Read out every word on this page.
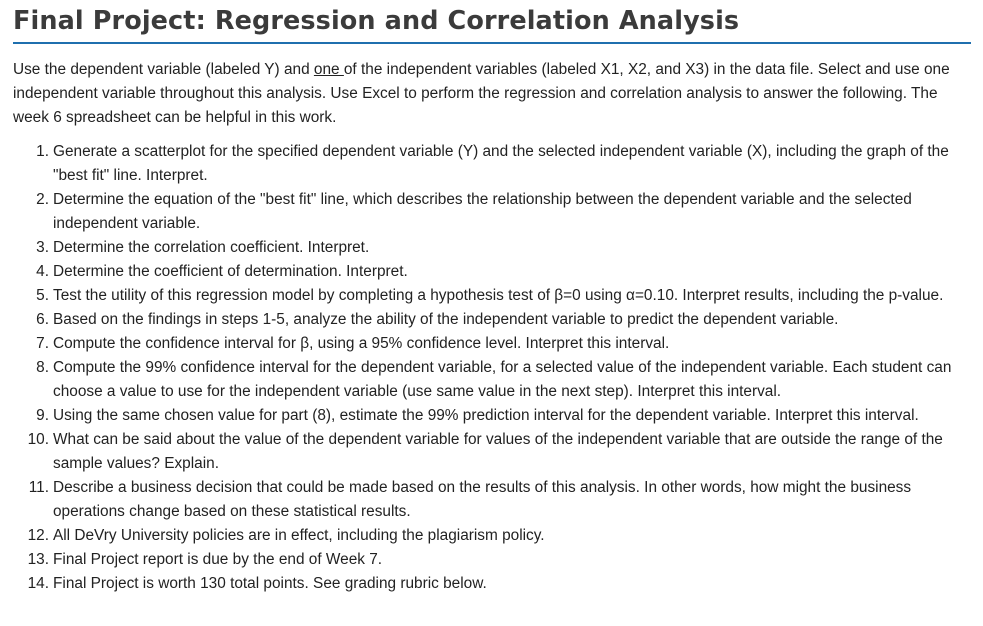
Final Project: Regression and Correlation Analysis

Use the dependent variable (labeled Y) and one of the independent variables (labeled X1, X2, and X3) in the data file. Select and use one independent variable throughout this analysis. Use Excel to perform the regression and correlation analysis to answer the following. The week 6 spreadsheet can be helpful in this work.

1. Generate a scatterplot for the specified dependent variable (Y) and the selected independent variable (X), including the graph of the "best fit" line. Interpret.
2. Determine the equation of the "best fit" line, which describes the relationship between the dependent variable and the selected independent variable.
3. Determine the correlation coefficient. Interpret.
4. Determine the coefficient of determination. Interpret.
5. Test the utility of this regression model by completing a hypothesis test of β=0 using α=0.10. Interpret results, including the p-value.
6. Based on the findings in steps 1-5, analyze the ability of the independent variable to predict the dependent variable.
7. Compute the confidence interval for β, using a 95% confidence level. Interpret this interval.
8. Compute the 99% confidence interval for the dependent variable, for a selected value of the independent variable. Each student can choose a value to use for the independent variable (use same value in the next step). Interpret this interval.
9. Using the same chosen value for part (8), estimate the 99% prediction interval for the dependent variable. Interpret this interval.
10. What can be said about the value of the dependent variable for values of the independent variable that are outside the range of the sample values? Explain.
11. Describe a business decision that could be made based on the results of this analysis. In other words, how might the business operations change based on these statistical results.
12. All DeVry University policies are in effect, including the plagiarism policy.
13. Final Project report is due by the end of Week 7.
14. Final Project is worth 130 total points. See grading rubric below.
